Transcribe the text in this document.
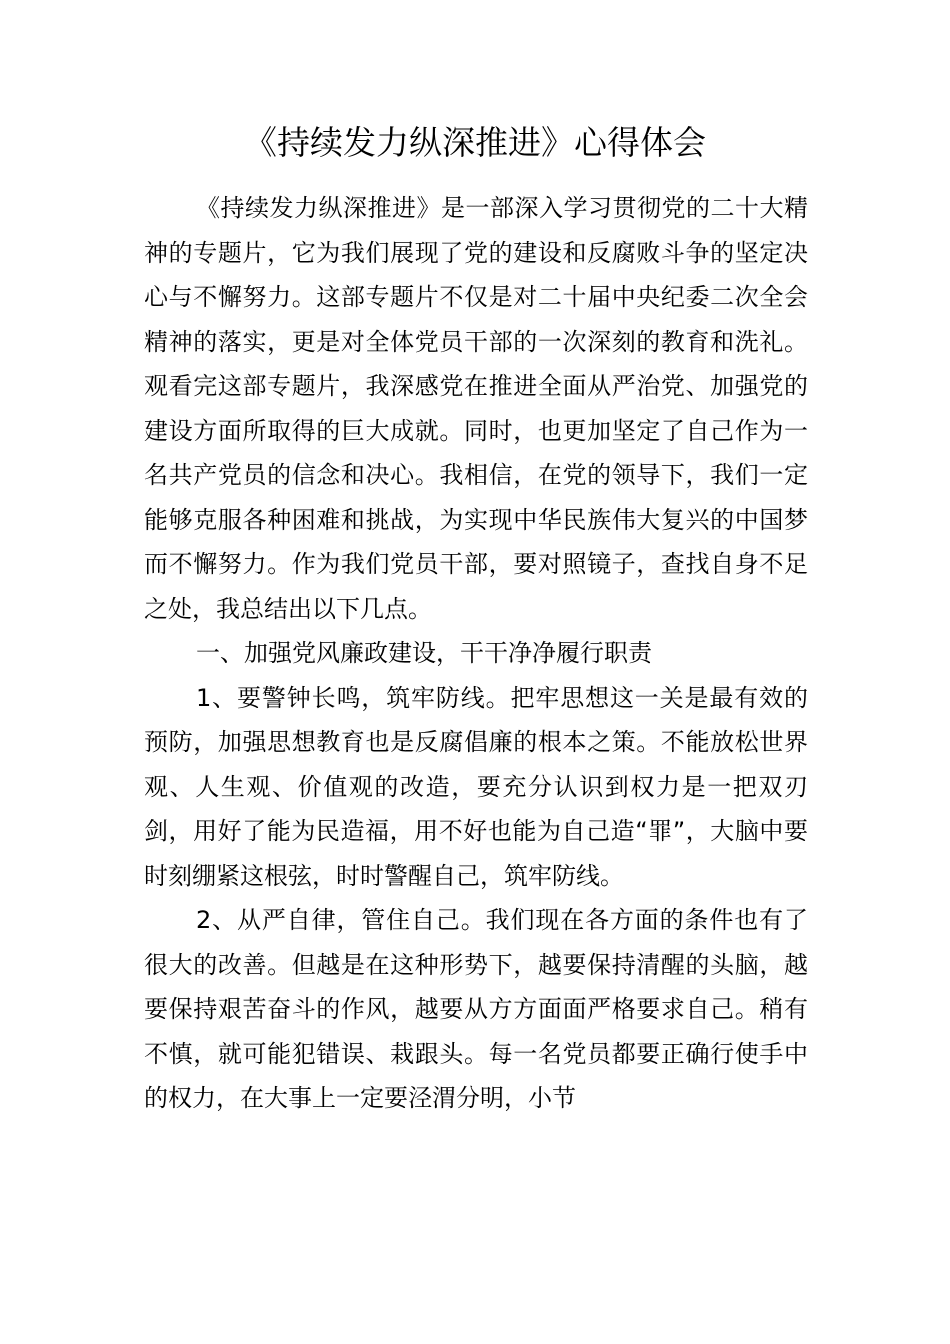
《持续发力纵深推进》心得体会

《持续发力纵深推进》是一部深入学习贯彻党的二十大精神的专题片，它为我们展现了党的建设和反腐败斗争的坚定决心与不懈努力。这部专题片不仅是对二十届中央纪委二次全会精神的落实，更是对全体党员干部的一次深刻的教育和洗礼。观看完这部专题片，我深感党在推进全面从严治党、加强党的建设方面所取得的巨大成就。同时，也更加坚定了自己作为一名共产党员的信念和决心。我相信，在党的领导下，我们一定能够克服各种困难和挑战，为实现中华民族伟大复兴的中国梦而不懈努力。作为我们党员干部，要对照镜子，查找自身不足之处，我总结出以下几点。

一、加强党风廉政建设，干干净净履行职责

1、要警钟长鸣，筑牢防线。把牢思想这一关是最有效的预防，加强思想教育也是反腐倡廉的根本之策。不能放松世界观、人生观、价值观的改造，要充分认识到权力是一把双刃剑，用好了能为民造福，用不好也能为自己造“罪”，大脑中要时刻绷紧这根弦，时时警醒自己，筑牢防线。

2、从严自律，管住自己。我们现在各方面的条件也有了很大的改善。但越是在这种形势下，越要保持清醒的头脑，越要保持艰苦奋斗的作风，越要从方方面面严格要求自己。稍有不慎，就可能犯错误、栽跟头。每一名党员都要正确行使手中的权力，在大事上一定要泾渭分明，小节
